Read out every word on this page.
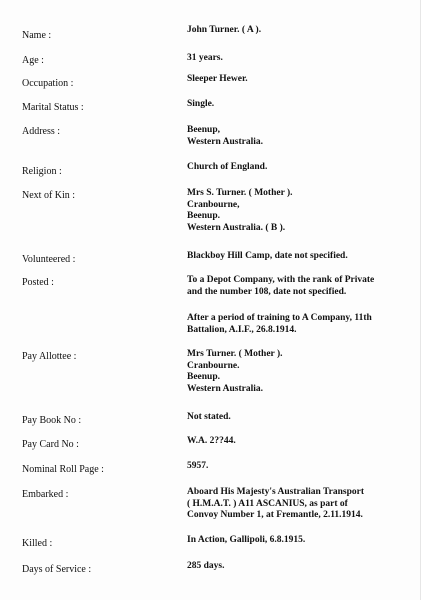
Name :	John Turner. ( A ).
Age :	31 years.
Occupation :	Sleeper Hewer.
Marital Status :	Single.
Address :	Beenup,
Western Australia.
Religion :	Church of England.
Next of Kin :	Mrs S. Turner. ( Mother ).
Cranbourne,
Beenup.
Western Australia. ( B ).
Volunteered :	Blackboy Hill Camp, date not specified.
Posted :	To a Depot Company, with the rank of Private
and the number 108, date not specified.
After a period of training to A Company, 11th
Battalion, A.I.F., 26.8.1914.
Pay Allottee :	Mrs Turner. ( Mother ).
Cranbourne.
Beenup.
Western Australia.
Pay Book No :	Not stated.
Pay Card No :	W.A. 2??44.
Nominal Roll Page :	5957.
Embarked :	Aboard His Majesty's Australian Transport
( H.M.A.T. ) A11 ASCANIUS, as part of
Convoy Number 1, at Fremantle, 2.11.1914.
Killed :	In Action, Gallipoli, 6.8.1915.
Days of Service :	285 days.
